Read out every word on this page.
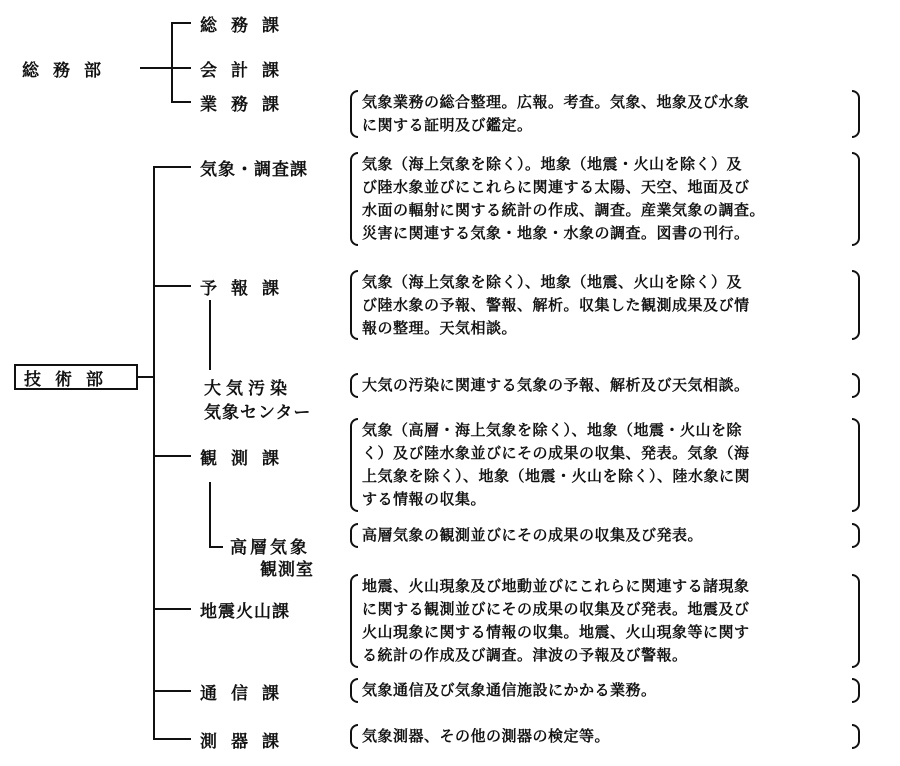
総務部
技術部
総務課
会計課
業務課
気象・調査課
予報課
大気汚染
気象センター
観測課
高層気象
観測室
地震火山課
通信課
測器課
気象業務の総合整理。広報。考査。気象、地象及び水象
に関する証明及び鑑定。
気象（海上気象を除く）。地象（地震・火山を除く）及
び陸水象並びにこれらに関連する太陽、天空、地面及び
水面の輻射に関する統計の作成、調査。産業気象の調査。
災害に関連する気象・地象・水象の調査。図書の刊行。
気象（海上気象を除く）、地象（地震、火山を除く）及
び陸水象の予報、警報、解析。収集した観測成果及び情
報の整理。天気相談。
大気の汚染に関連する気象の予報、解析及び天気相談。
気象（高層・海上気象を除く）、地象（地震・火山を除
く）及び陸水象並びにその成果の収集、発表。気象（海
上気象を除く）、地象（地震・火山を除く）、陸水象に関
する情報の収集。
高層気象の観測並びにその成果の収集及び発表。
地震、火山現象及び地動並びにこれらに関連する諸現象
に関する観測並びにその成果の収集及び発表。地震及び
火山現象に関する情報の収集。地震、火山現象等に関す
る統計の作成及び調査。津波の予報及び警報。
気象通信及び気象通信施設にかかる業務。
気象測器、その他の測器の検定等。
